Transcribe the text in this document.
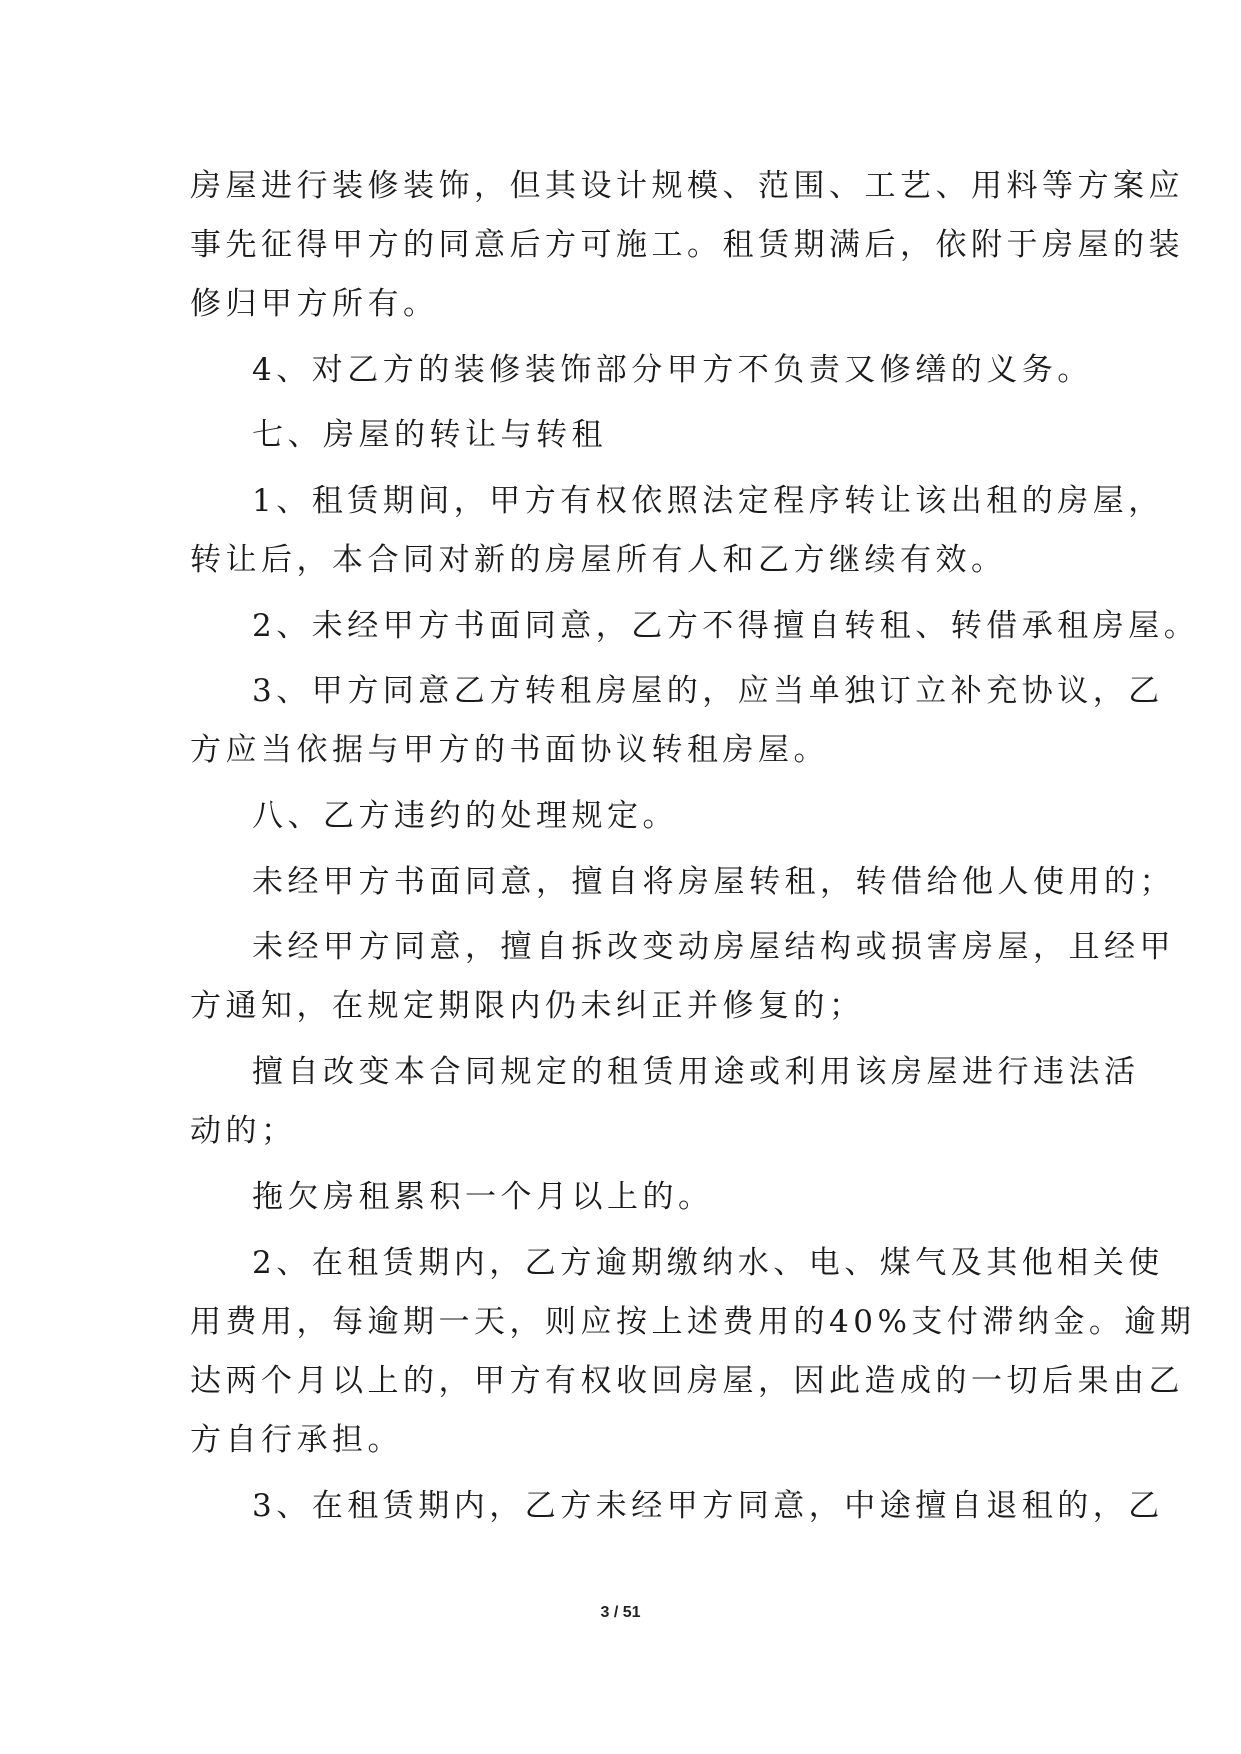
房屋进行装修装饰，但其设计规模、范围、工艺、用料等方案应
事先征得甲方的同意后方可施工。租赁期满后，依附于房屋的装
修归甲方所有。
4、对乙方的装修装饰部分甲方不负责又修缮的义务。
七、房屋的转让与转租
1、租赁期间，甲方有权依照法定程序转让该出租的房屋，
转让后，本合同对新的房屋所有人和乙方继续有效。
2、未经甲方书面同意，乙方不得擅自转租、转借承租房屋。
3、甲方同意乙方转租房屋的，应当单独订立补充协议，乙
方应当依据与甲方的书面协议转租房屋。
八、乙方违约的处理规定。
未经甲方书面同意，擅自将房屋转租，转借给他人使用的；
未经甲方同意，擅自拆改变动房屋结构或损害房屋，且经甲
方通知，在规定期限内仍未纠正并修复的；
擅自改变本合同规定的租赁用途或利用该房屋进行违法活
动的；
拖欠房租累积一个月以上的。
2、在租赁期内，乙方逾期缴纳水、电、煤气及其他相关使
用费用，每逾期一天，则应按上述费用的40%支付滞纳金。逾期
达两个月以上的，甲方有权收回房屋，因此造成的一切后果由乙
方自行承担。
3、在租赁期内，乙方未经甲方同意，中途擅自退租的，乙
3 / 51
